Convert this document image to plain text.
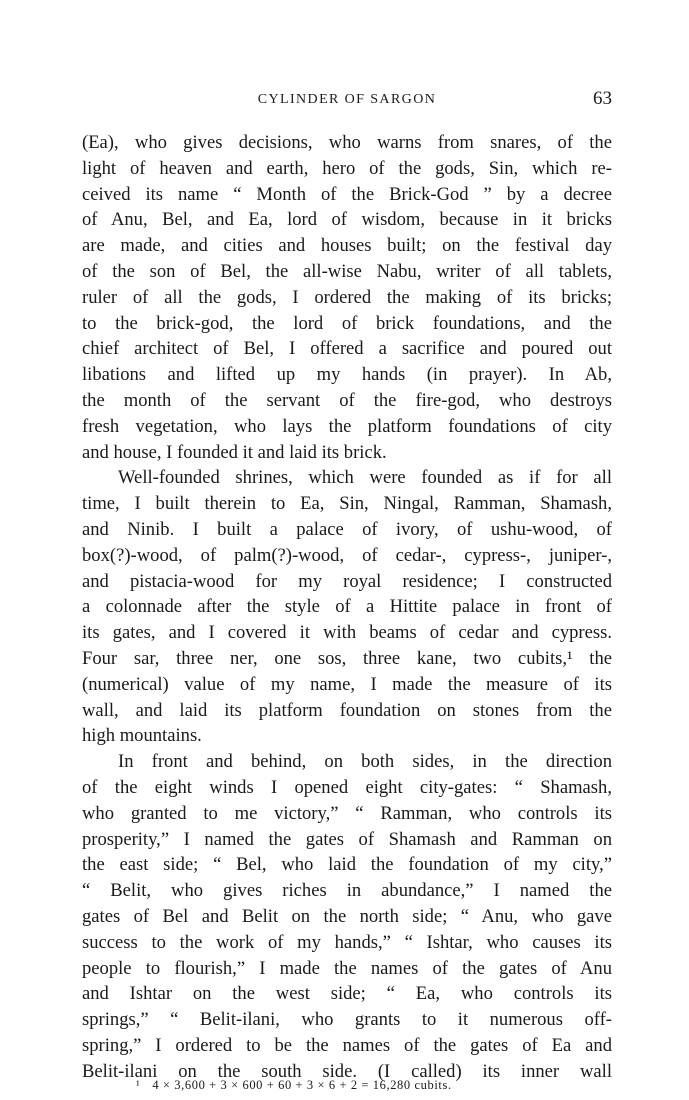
CYLINDER OF SARGON	63
(Ea), who gives decisions, who warns from snares, of the
light of heaven and earth, hero of the gods, Sin, which re-
ceived its name “ Month of the Brick-God ” by a decree
of Anu, Bel, and Ea, lord of wisdom, because in it bricks
are made, and cities and houses built; on the festival day
of the son of Bel, the all-wise Nabu, writer of all tablets,
ruler of all the gods, I ordered the making of its bricks;
to the brick-god, the lord of brick foundations, and the
chief architect of Bel, I offered a sacrifice and poured out
libations and lifted up my hands (in prayer). In Ab,
the month of the servant of the fire-god, who destroys
fresh vegetation, who lays the platform foundations of city
and house, I founded it and laid its brick.
Well-founded shrines, which were founded as if for all
time, I built therein to Ea, Sin, Ningal, Ramman, Shamash,
and Ninib. I built a palace of ivory, of ushu-wood, of
box(?)-wood, of palm(?)-wood, of cedar-, cypress-, juniper-,
and pistacia-wood for my royal residence; I constructed
a colonnade after the style of a Hittite palace in front of
its gates, and I covered it with beams of cedar and cypress.
Four sar, three ner, one sos, three kane, two cubits,¹ the
(numerical) value of my name, I made the measure of its
wall, and laid its platform foundation on stones from the
high mountains.
In front and behind, on both sides, in the direction
of the eight winds I opened eight city-gates: “ Shamash,
who granted to me victory,” “ Ramman, who controls its
prosperity,” I named the gates of Shamash and Ramman on
the east side; “ Bel, who laid the foundation of my city,”
“ Belit, who gives riches in abundance,” I named the
gates of Bel and Belit on the north side; “ Anu, who gave
success to the work of my hands,” “ Ishtar, who causes its
people to flourish,” I made the names of the gates of Anu
and Ishtar on the west side; “ Ea, who controls its
springs,” “ Belit-ilani, who grants to it numerous off-
spring,” I ordered to be the names of the gates of Ea and
Belit-ilani on the south side. (I called) its inner wall
¹ 4 × 3,600 + 3 × 600 + 60 + 3 × 6 + 2 = 16,280 cubits.
